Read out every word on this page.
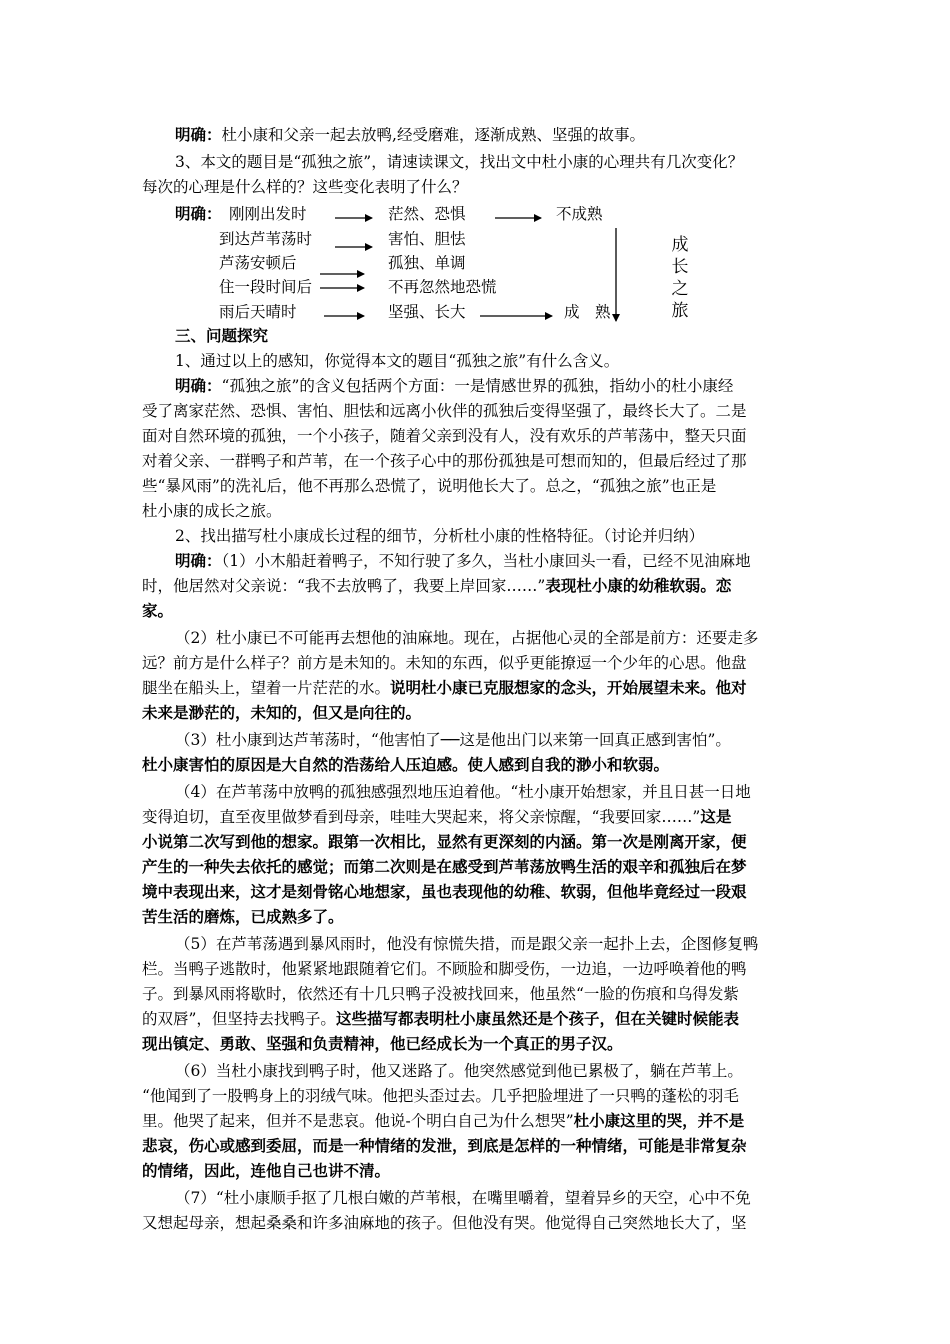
明确：杜小康和父亲一起去放鸭,经受磨难，逐渐成熟、坚强的故事。
3、本文的题目是“孤独之旅”，请速读课文，找出文中杜小康的心理共有几次变化？
每次的心理是什么样的？这些变化表明了什么？
明确： 刚刚出发时
到达芦苇荡时
芦荡安顿后
住一段时间后
雨后天晴时
茫然、恐惧
害怕、胆怯
孤独、单调
不再忽然地恐慌
坚强、长大
不成熟
成　熟
成
长
之
旅
三、问题探究
1、通过以上的感知，你觉得本文的题目“孤独之旅”有什么含义。
明确：“孤独之旅”的含义包括两个方面：一是情感世界的孤独，指幼小的杜小康经
受了离家茫然、恐惧、害怕、胆怯和远离小伙伴的孤独后变得坚强了，最终长大了。二是
面对自然环境的孤独，一个小孩子，随着父亲到没有人，没有欢乐的芦苇荡中，整天只面
对着父亲、一群鸭子和芦苇，在一个孩子心中的那份孤独是可想而知的，但最后经过了那
些“暴风雨”的洗礼后，他不再那么恐慌了，说明他长大了。总之，“孤独之旅”也正是
杜小康的成长之旅。
2、找出描写杜小康成长过程的细节，分析杜小康的性格特征。（讨论并归纳）
明确：（1）小木船赶着鸭子，不知行驶了多久，当杜小康回头一看，已经不见油麻地
时，他居然对父亲说：“我不去放鸭了，我要上岸回家……”表现杜小康的幼稚软弱。恋
家。
（2）杜小康已不可能再去想他的油麻地。现在，占据他心灵的全部是前方：还要走多
远？前方是什么样子？前方是未知的。未知的东西，似乎更能撩逗一个少年的心思。他盘
腿坐在船头上，望着一片茫茫的水。说明杜小康已克服想家的念头，开始展望未来。他对
未来是渺茫的，未知的，但又是向往的。
（3）杜小康到达芦苇荡时，“他害怕了──这是他出门以来第一回真正感到害怕”。
杜小康害怕的原因是大自然的浩荡给人压迫感。使人感到自我的渺小和软弱。
（4）在芦苇荡中放鸭的孤独感强烈地压迫着他。“杜小康开始想家，并且日甚一日地
变得迫切，直至夜里做梦看到母亲，哇哇大哭起来，将父亲惊醒，“我要回家……”这是
小说第二次写到他的想家。跟第一次相比，显然有更深刻的内涵。第一次是刚离开家，便
产生的一种失去依托的感觉；而第二次则是在感受到芦苇荡放鸭生活的艰辛和孤独后在梦
境中表现出来，这才是刻骨铭心地想家，虽也表现他的幼稚、软弱，但他毕竟经过一段艰
苦生活的磨炼，已成熟多了。
（5）在芦苇荡遇到暴风雨时，他没有惊慌失措，而是跟父亲一起扑上去，企图修复鸭
栏。当鸭子逃散时，他紧紧地跟随着它们。不顾脸和脚受伤，一边追，一边呼唤着他的鸭
子。到暴风雨将歇时，依然还有十几只鸭子没被找回来，他虽然“一脸的伤痕和乌得发紫
的双唇”，但坚持去找鸭子。这些描写都表明杜小康虽然还是个孩子，但在关键时候能表
现出镇定、勇敢、坚强和负责精神，他已经成长为一个真正的男子汉。
（6）当杜小康找到鸭子时，他又迷路了。他突然感觉到他已累极了，躺在芦苇上。
“他闻到了一股鸭身上的羽绒气味。他把头歪过去。几乎把脸埋进了一只鸭的蓬松的羽毛
里。他哭了起来，但并不是悲哀。他说-个明白自己为什么想哭”杜小康这里的哭，并不是
悲哀，伤心或感到委屈，而是一种情绪的发泄，到底是怎样的一种情绪，可能是非常复杂
的情绪，因此，连他自己也讲不清。
（7）“杜小康顺手抠了几根白嫩的芦苇根，在嘴里嚼着，望着异乡的天空，心中不免
又想起母亲，想起桑桑和许多油麻地的孩子。但他没有哭。他觉得自己突然地长大了，坚
